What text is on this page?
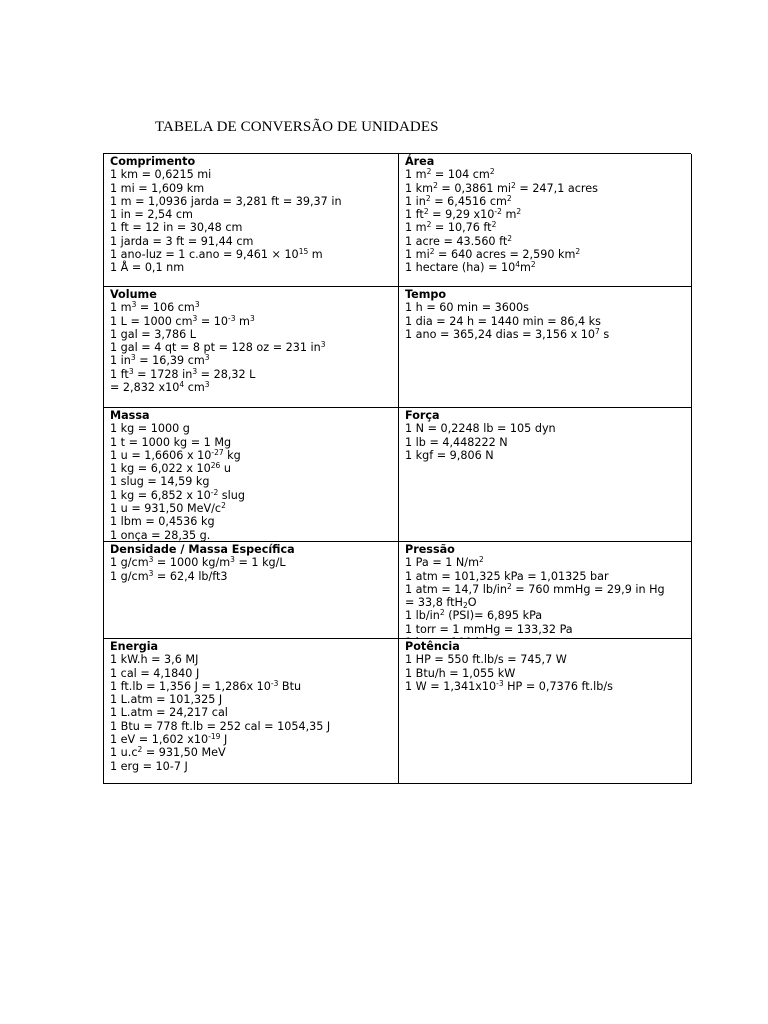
TABELA DE CONVERSÃO DE UNIDADES
Comprimento
1 km = 0,6215 mi
1 mi = 1,609 km
1 m = 1,0936 jarda = 3,281 ft = 39,37 in
1 in = 2,54 cm
1 ft = 12 in = 30,48 cm
1 jarda = 3 ft = 91,44 cm
1 ano-luz = 1 $c.ano = 9,461 \times 10^{15}$ m
1 Å = 0,1 nm
Área
1 $m^2 = 104$ $cm^2$
1 $km^2 = 0,3861$ $mi^2 = 247,1$ acres
1 $in^2 = 6,4516$ $cm^2$
1 $ft^2 = 9,29$ $x10^{-2}$ $m^2$
1 $m^2 = 10,76$ $ft^2$
1 acre = 43.560 $ft^2$
1 $mi^2 = 640$ acres = 2,590 $km^2$
1 hectare $(ha) = 10^4m^2$
Volume
1 $m^3 = 106$ $cm^3$
1 L = 1000 $cm^3 = 10^{-3}$ $m^3$
1 gal = 3,786 L
1 gal = 4 qt = 8 pt = 128 oz = 231 $in^3$
1 $in^3 = 16,39$ $cm^3$
1 $ft^3 = 1728$ $in^3 = 28,32$ L
= 2,832 $x10^4$ $cm^3$
Tempo
1 h = 60 min = 3600s
1 dia = 24 h = 1440 min = 86,4 ks
1 ano = 365,24 dias = 3,156 x $10^7$ s
Massa
1 kg = 1000 g
1 t = 1000 kg = 1 Mg
1 u = 1,6606 x $10^{-27}$ kg
1 kg = 6,022 x $10^{26}$ u
1 slug = 14,59 kg
1 kg = 6,852 x $10^{-2}$ slug
1 u = 931,50 MeV/$c^2$
1 lbm = 0,4536 kg
1 onça = 28,35 g.
Força
1 N = 0,2248 lb = 105 dyn
1 lb = 4,448222 N
1 kgf = 9,806 N
Densidade / Massa Específica
1 $g/cm^3 = 1000$ $kg/m^3 = 1$ kg/L
1 $g/cm^3 = 62,4$ lb/ft3
Pressão
1 Pa = 1 $N/m^2$
1 atm = 101,325 kPa = 1,01325 bar
1 atm = 14,7 $lb/in^2 = 760$ mmHg = 29,9 in Hg
= 33,8 ftH$_2$O
1 $lb/in^2$ (PSI)= 6,895 kPa
1 torr = 1 mmHg = 133,32 Pa
Energia
1 kW.h = 3,6 MJ
1 cal = 4,1840 J
1 ft.lb = 1,356 J = 1,286x $10^{-3}$ Btu
1 L.atm = 101,325 J
1 L.atm = 24,217 cal
1 Btu = 778 ft.lb = 252 cal = 1054,35 J
1 eV = 1,602 $x10^{-19}$ J
1 $u.c^2 = 931,50$ MeV
1 erg = 10-7 J
Potência
1 HP = 550 ft.lb/s = 745,7 W
1 Btu/h = 1,055 kW
1 $W = 1,341x10^{-3}$ HP = 0,7376 ft.lb/s
